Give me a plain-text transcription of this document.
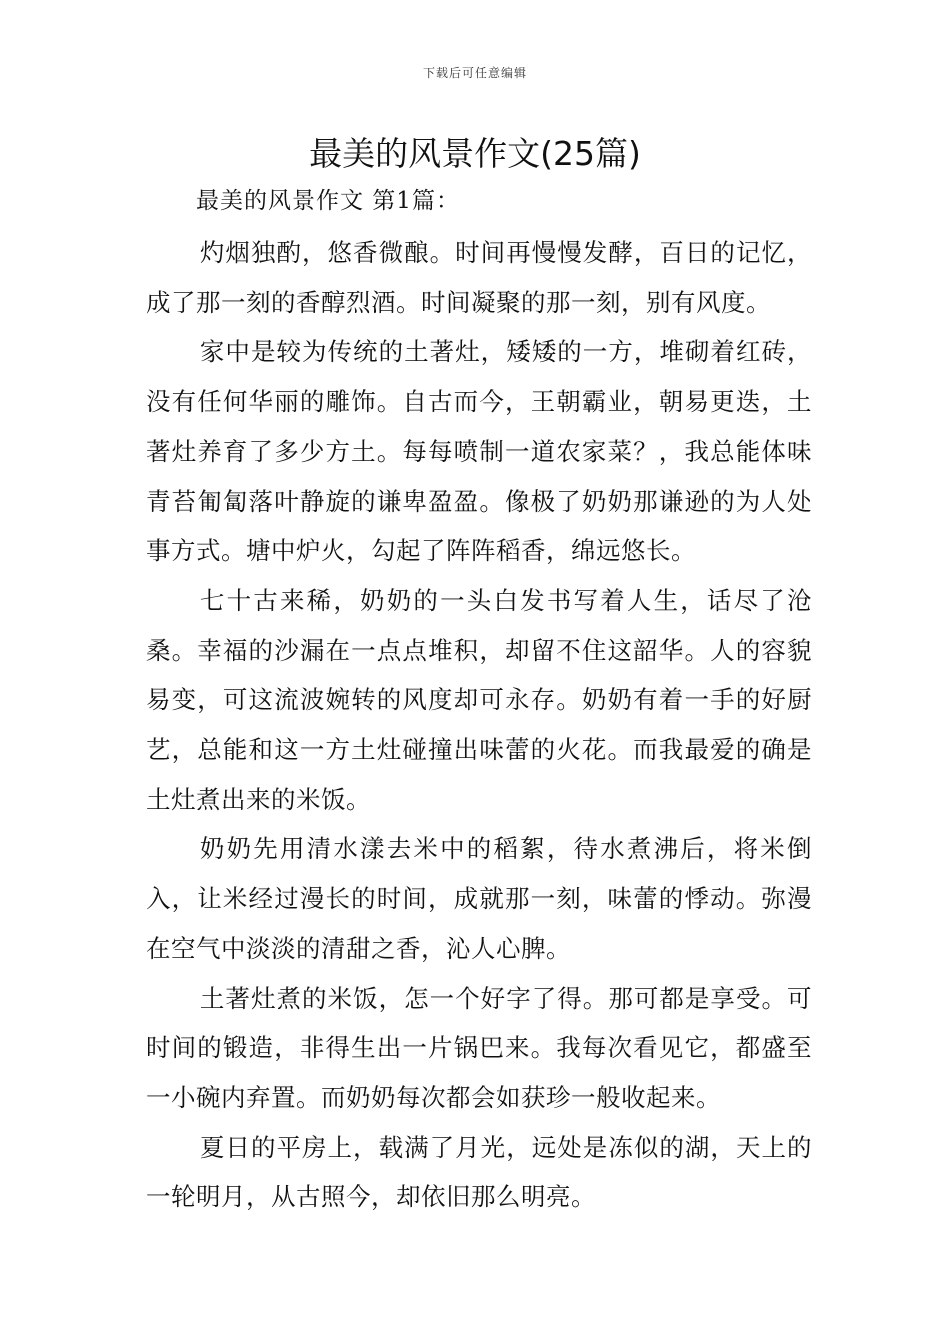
下载后可任意编辑
最美的风景作文(25篇)
最美的风景作文 第1篇：

灼烟独酌，悠香微酿。时间再慢慢发酵，百日的记忆，成了那一刻的香醇烈酒。时间凝聚的那一刻，别有风度。

家中是较为传统的土著灶，矮矮的一方，堆砌着红砖，没有任何华丽的雕饰。自古而今，王朝霸业，朝易更迭，土著灶养育了多少方土。每每喷制一道农家菜？，我总能体味青苔匍匐落叶静旋的谦卑盈盈。像极了奶奶那谦逊的为人处事方式。塘中炉火，勾起了阵阵稻香，绵远悠长。

七十古来稀，奶奶的一头白发书写着人生，话尽了沧桑。幸福的沙漏在一点点堆积，却留不住这韶华。人的容貌易变，可这流波婉转的风度却可永存。奶奶有着一手的好厨艺，总能和这一方土灶碰撞出味蕾的火花。而我最爱的确是土灶煮出来的米饭。

奶奶先用清水漾去米中的稻絮，待水煮沸后，将米倒入，让米经过漫长的时间，成就那一刻，味蕾的悸动。弥漫在空气中淡淡的清甜之香，沁人心脾。

土著灶煮的米饭，怎一个好字了得。那可都是享受。可时间的锻造，非得生出一片锅巴来。我每次看见它，都盛至一小碗内弃置。而奶奶每次都会如获珍一般收起来。

夏日的平房上，载满了月光，远处是冻似的湖，天上的一轮明月，从古照今，却依旧那么明亮。
